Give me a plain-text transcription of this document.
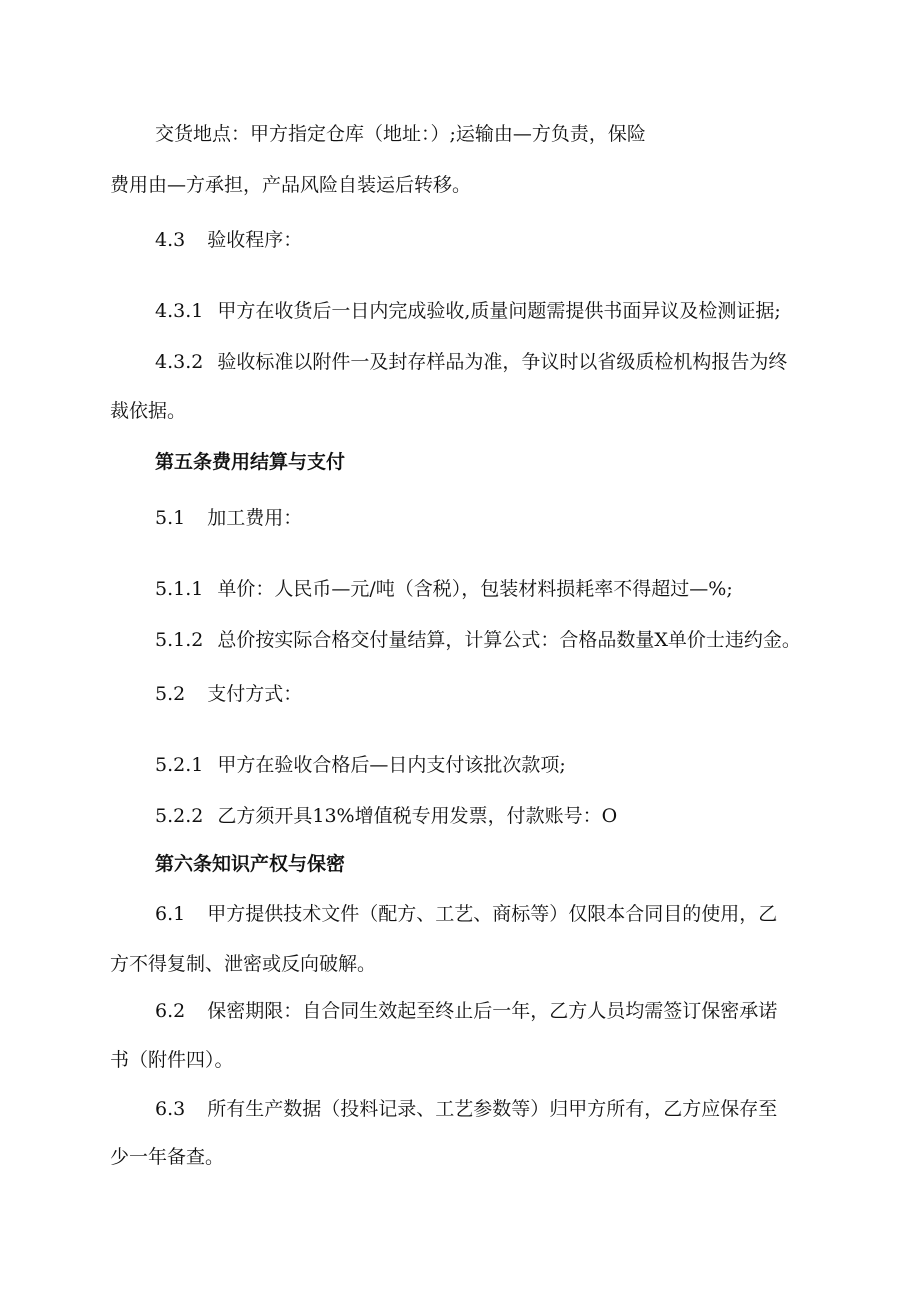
交货地点：甲方指定仓库（地址：）;运输由—方负责，保险

费用由—方承担，产品风险自装运后转移。

4.3 验收程序：

4.3.1 甲方在收货后一日内完成验收,质量问题需提供书面异议及检测证据;

4.3.2 验收标准以附件一及封存样品为准，争议时以省级质检机构报告为终

裁依据。

第五条费用结算与支付

5.1 加工费用：

5.1.1 单价：人民币—元/吨（含税），包装材料损耗率不得超过—%;

5.1.2 总价按实际合格交付量结算，计算公式：合格品数量X单价士违约金。

5.2 支付方式：

5.2.1 甲方在验收合格后—日内支付该批次款项;

5.2.2 乙方须开具13%增值税专用发票，付款账号：O

第六条知识产权与保密

6.1 甲方提供技术文件（配方、工艺、商标等）仅限本合同目的使用，乙

方不得复制、泄密或反向破解。

6.2 保密期限：自合同生效起至终止后一年，乙方人员均需签订保密承诺

书（附件四）。

6.3 所有生产数据（投料记录、工艺参数等）归甲方所有，乙方应保存至

少一年备查。
